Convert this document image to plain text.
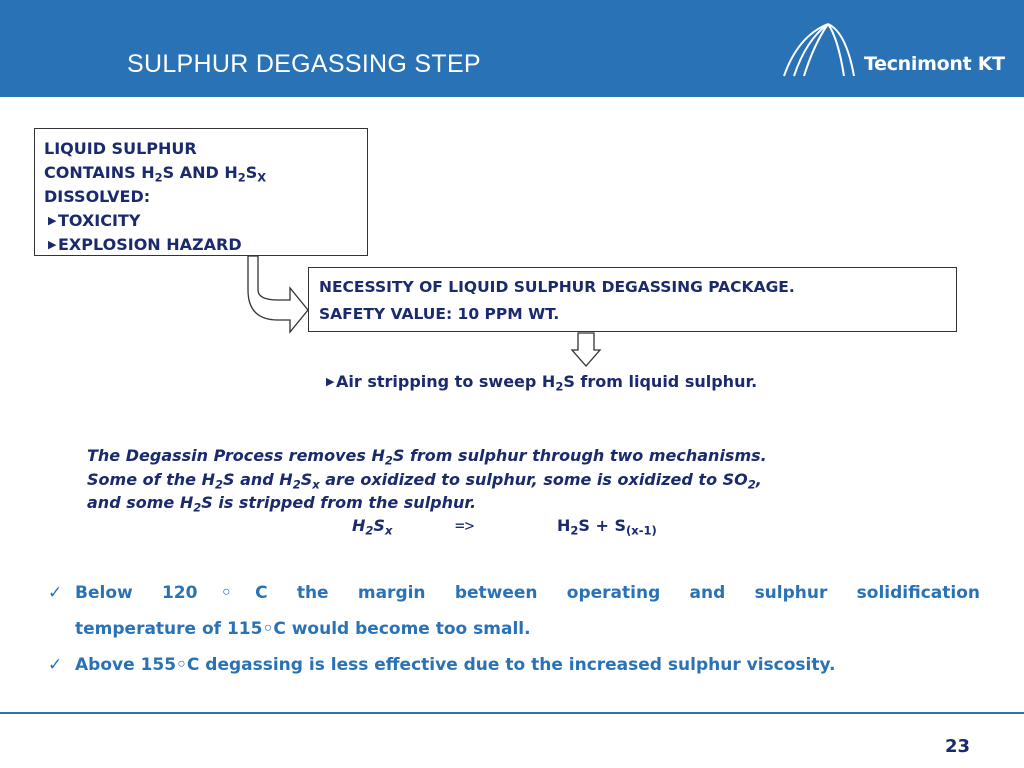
SULPHUR DEGASSING STEP	Tecnimont KT
LIQUID SULPHUR
CONTAINS $H_2S$ AND $H_2S_X$
DISSOLVED:
▶TOXICITY
▶EXPLOSION HAZARD
NECESSITY OF LIQUID SULPHUR DEGASSING PACKAGE.
SAFETY VALUE: 10 PPM WT.
▶Air stripping to sweep $H_2S$ from liquid sulphur.
The Degassin Process removes $H_2S$ from sulphur through two mechanisms.
Some of the $H_2S$ and $H_2S_x$ are oxidized to sulphur, some is oxidized to $SO_2$,
and some $H_2S$ is stripped from the sulphur.
$H_2S_x$	=>	$H_2S + S_{(x-1)}$
✓ Below 120◦C the margin between operating and sulphur solidification
temperature of 115◦C would become too small.
✓ Above 155◦C degassing is less effective due to the increased sulphur viscosity.
23
